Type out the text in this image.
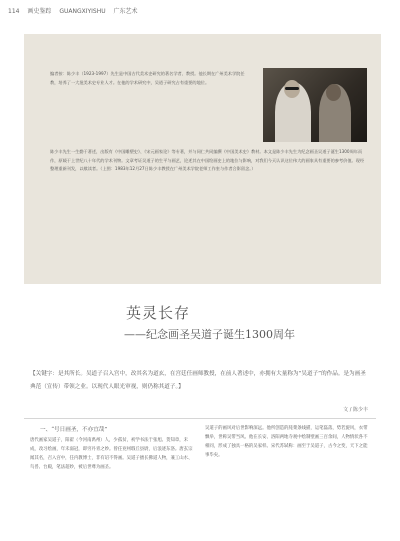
114 画史鉴踪 GUANGXIYISHU 广东艺术
编者按：陈少丰（1923-1997）先生是中国古代美术史研究的著名学者、教授。他长期在广州美术学院任教，培养了一大批美术史专业人才。在他的学术研究中，吴道子研究占有重要的地位。
陈少丰先生一生勤于著述，出版有《中国雕塑史》、《宋元画家论》等专著，并与同仁共同编撰《中国美术史》教材。本文是陈少丰先生为纪念画圣吴道子诞生1300周年而作，原载于上世纪八十年代的学术刊物。文章考证吴道子的生平与画艺，论述其在中国绘画史上的地位与影响，对我们今天认识这位伟大的画家具有重要的参考价值。现经整理重新刊发，以飨读者。（上图：1983年12月27日陈少丰教授在广州美术学院老师工作室与作者合影留念。）
英灵长存
——纪念画圣吴道子诞生1300周年
【关键字：是其所长。吴道子召入宫中，改其名为道玄，在宫廷任画师教授，在前人著述中，亦拥有大量称为“吴道子”的作品。是为画圣典范（宣传）带领之业。以现代人眼光审视，则仍称其道子。】
文 / 陈少丰
一、“号日画圣，不亦宜哉”
唐代画家吴道子，阳翟（今河南禹州）人，少孤贫，初学书法于张旭、贺知章，未成，改习绘画，年未弱冠，即穷丹青之妙。曾任兖州瑕丘县尉，后浪迹东洛。唐玄宗闻其名，召入宫中，任内教博士，非有诏不得画。吴道子擅长佛道人物，兼工山水、鸟兽、台殿，笔法超妙，被后世尊为画圣。
吴道子的画风对后世影响深远。他所创造的莼菜条线描，运笔磊落，势若旋风，衣带飘举，世称吴带当风。他在长安、洛阳两地寺观中绘制壁画三百余间，人物情状各不相同，形成了独具一格的吴家样。宋代苏轼称：画至于吴道子，古今之变，天下之能事毕矣。
